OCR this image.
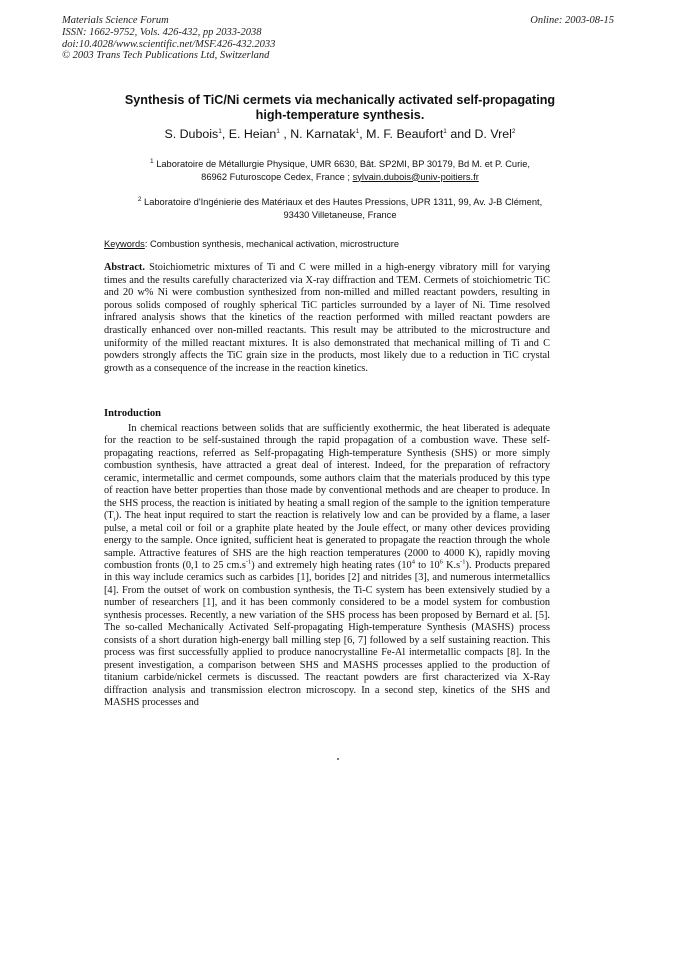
Materials Science Forum
ISSN: 1662-9752, Vols. 426-432, pp 2033-2038
doi:10.4028/www.scientific.net/MSF.426-432.2033
© 2003 Trans Tech Publications Ltd, Switzerland
Online: 2003-08-15
Synthesis of TiC/Ni cermets via mechanically activated self-propagating
high-temperature synthesis.
S. Dubois$^1$, E. Heian$^1$ , N. Karnatak$^1$, M. F. Beaufort$^1$ and D. Vrel$^2$
$^1$ Laboratoire de Métallurgie Physique, UMR 6630, Bât. SP2MI, BP 30179, Bd M. et P. Curie,
86962 Futuroscope Cedex, France ; sylvain.dubois@univ-poitiers.fr
$^2$ Laboratoire d'Ingénierie des Matériaux et des Hautes Pressions, UPR 1311, 99, Av. J-B Clément,
93430 Villetaneuse, France
Keywords: Combustion synthesis, mechanical activation, microstructure
Abstract. Stoichiometric mixtures of Ti and C were milled in a high-energy vibratory mill for varying times and the results carefully characterized via X-ray diffraction and TEM. Cermets of stoichiometric TiC and 20 w% Ni were combustion synthesized from non-milled and milled reactant powders, resulting in porous solids composed of roughly spherical TiC particles surrounded by a layer of Ni. Time resolved infrared analysis shows that the kinetics of the reaction performed with milled reactant powders are drastically enhanced over non-milled reactants. This result may be attributed to the microstructure and uniformity of the milled reactant mixtures. It is also demonstrated that mechanical milling of Ti and C powders strongly affects the TiC grain size in the products, most likely due to a reduction in TiC crystal growth as a consequence of the increase in the reaction kinetics.
Introduction

In chemical reactions between solids that are sufficiently exothermic, the heat liberated is adequate for the reaction to be self-sustained through the rapid propagation of a combustion wave. These self-propagating reactions, referred as Self-propagating High-temperature Synthesis (SHS) or more simply combustion synthesis, have attracted a great deal of interest. Indeed, for the preparation of refractory ceramic, intermetallic and cermet compounds, some authors claim that the materials produced by this type of reaction have better properties than those made by conventional methods and are cheaper to produce. In the SHS process, the reaction is initiated by heating a small region of the sample to the ignition temperature $(T_i)$. The heat input required to start the reaction is relatively low and can be provided by a flame, a laser pulse, a metal coil or foil or a graphite plate heated by the Joule effect, or many other devices providing energy to the sample. Once ignited, sufficient heat is generated to propagate the reaction through the whole sample. Attractive features of SHS are the high reaction temperatures (2000 to 4000 K), rapidly moving combustion fronts (0,1 to 25 $cm.s^{-1}$) and extremely high heating rates ($10^4$ to $10^6$ $K.s^{-1}$). Products prepared in this way include ceramics such as carbides [1], borides [2] and nitrides [3], and numerous intermetallics [4]. From the outset of work on combustion synthesis, the Ti-C system has been extensively studied by a number of researchers [1], and it has been commonly considered to be a model system for combustion synthesis processes. Recently, a new variation of the SHS process has been proposed by Bernard et al. [5]. The so-called Mechanically Activated Self-propagating High-temperature Synthesis (MASHS) process consists of a short duration high-energy ball milling step [6, 7] followed by a self sustaining reaction. This process was first successfully applied to produce nanocrystalline Fe-Al intermetallic compacts [8]. In the present investigation, a comparison between SHS and MASHS processes applied to the production of titanium carbide/nickel cermets is discussed. The reactant powders are first characterized via X-Ray diffraction analysis and transmission electron microscopy. In a second step, kinetics of the SHS and MASHS processes and
